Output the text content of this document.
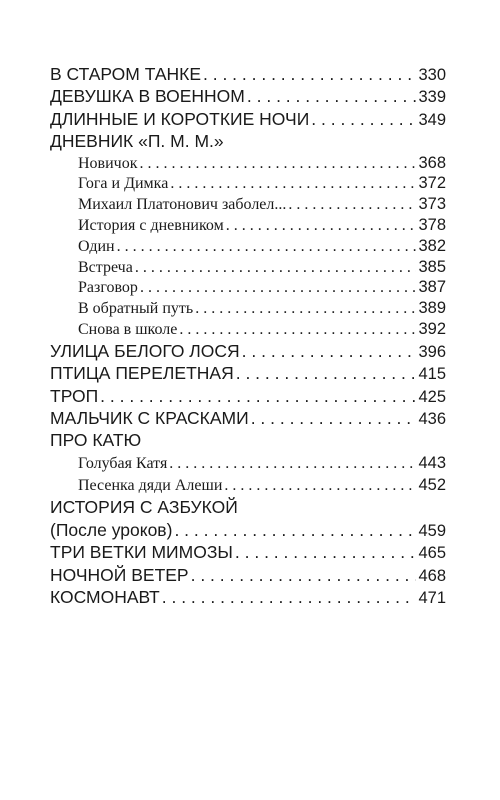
В СТАРОМ ТАНКЕ . . .	330
ДЕВУШКА В ВОЕННОМ . . .	339
ДЛИННЫЕ И КОРОТКИЕ НОЧИ . . .	349
ДНЕВНИК «П. М. М.»
Новичок . . .	368
Гога и Димка . . .	372
Михаил Платонович заболел... . . .	373
История с дневником . . .	378
Один . . .	382
Встреча . . .	385
Разговор . . .	387
В обратный путь . . .	389
Снова в школе . . .	392
УЛИЦА БЕЛОГО ЛОСЯ . . .	396
ПТИЦА ПЕРЕЛЕТНАЯ . . .	415
ТРОП . . .	425
МАЛЬЧИК С КРАСКАМИ . . .	436
ПРО КАТЮ
Голубая Катя . . .	443
Песенка дяди Алеши . . .	452
ИСТОРИЯ С АЗБУКОЙ
(После уроков) . . .	459
ТРИ ВЕТКИ МИМОЗЫ . . .	465
НОЧНОЙ ВЕТЕР . . .	468
КОСМОНАВТ . . .	471
